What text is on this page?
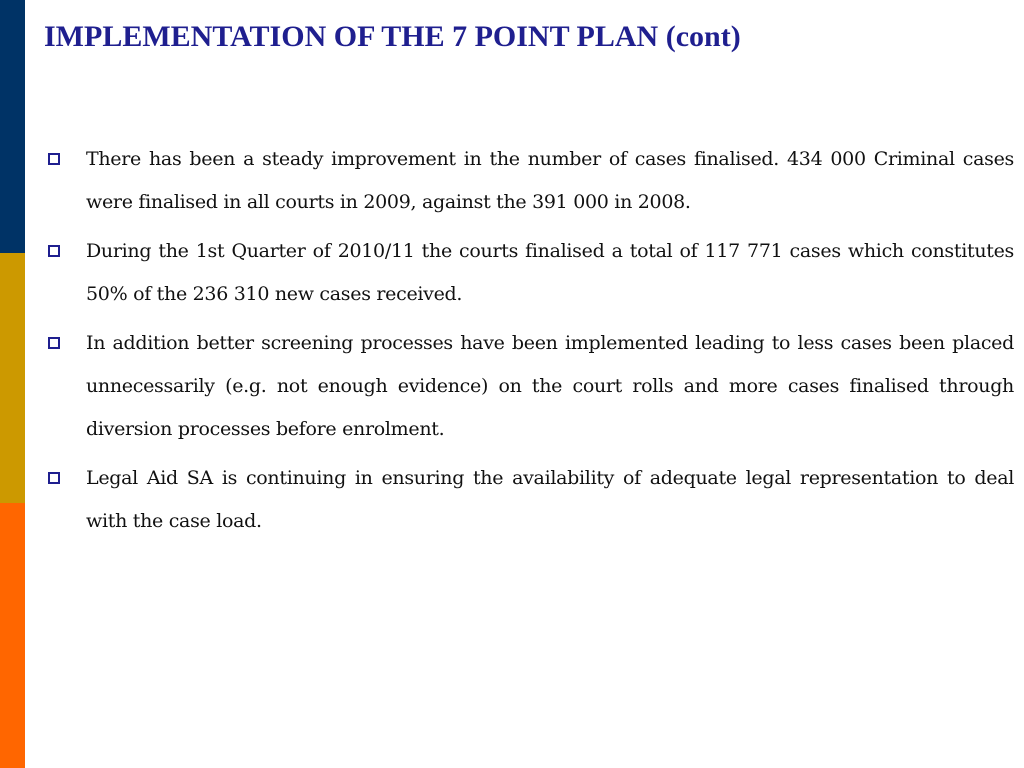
IMPLEMENTATION OF THE 7 POINT PLAN (cont)
There has been a steady improvement in the number of cases finalised. 434 000 Criminal cases were finalised in all courts in 2009, against the 391 000 in 2008.
During the 1st Quarter of 2010/11 the courts finalised a total of 117 771 cases which constitutes 50% of the 236 310 new cases received.
In addition better screening processes have been implemented leading to less cases been placed unnecessarily (e.g. not enough evidence) on the court rolls and more cases finalised through diversion processes before enrolment.
Legal Aid SA is continuing in ensuring the availability of adequate legal representation to deal with the case load.
